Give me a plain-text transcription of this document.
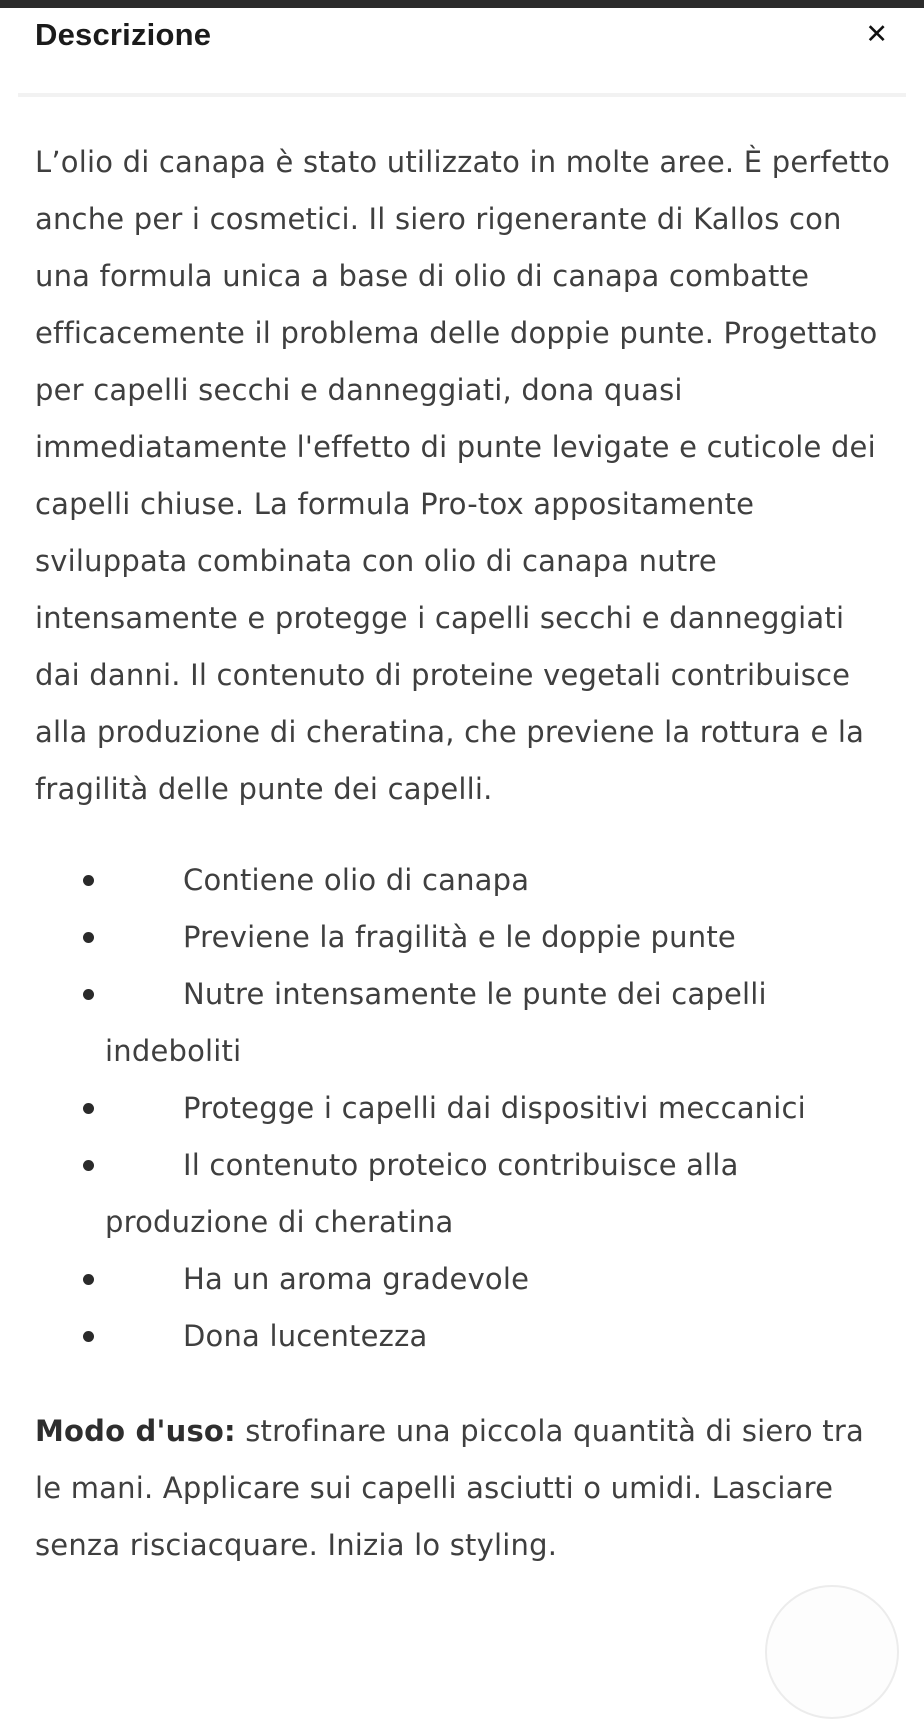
Descrizione	✕

L’olio di canapa è stato utilizzato in molte aree. È perfetto anche per i cosmetici. Il siero rigenerante di Kallos con una formula unica a base di olio di canapa combatte efficacemente il problema delle doppie punte. Progettato per capelli secchi e danneggiati, dona quasi immediatamente l'effetto di punte levigate e cuticole dei capelli chiuse. La formula Pro-tox appositamente sviluppata combinata con olio di canapa nutre intensamente e protegge i capelli secchi e danneggiati dai danni. Il contenuto di proteine vegetali contribuisce alla produzione di cheratina, che previene la rottura e la fragilità delle punte dei capelli.

Contiene olio di canapa
Previene la fragilità e le doppie punte
Nutre intensamente le punte dei capelli indeboliti
Protegge i capelli dai dispositivi meccanici
Il contenuto proteico contribuisce alla produzione di cheratina
Ha un aroma gradevole
Dona lucentezza

Modo d'uso: strofinare una piccola quantità di siero tra le mani. Applicare sui capelli asciutti o umidi. Lasciare senza risciacquare. Inizia lo styling.
